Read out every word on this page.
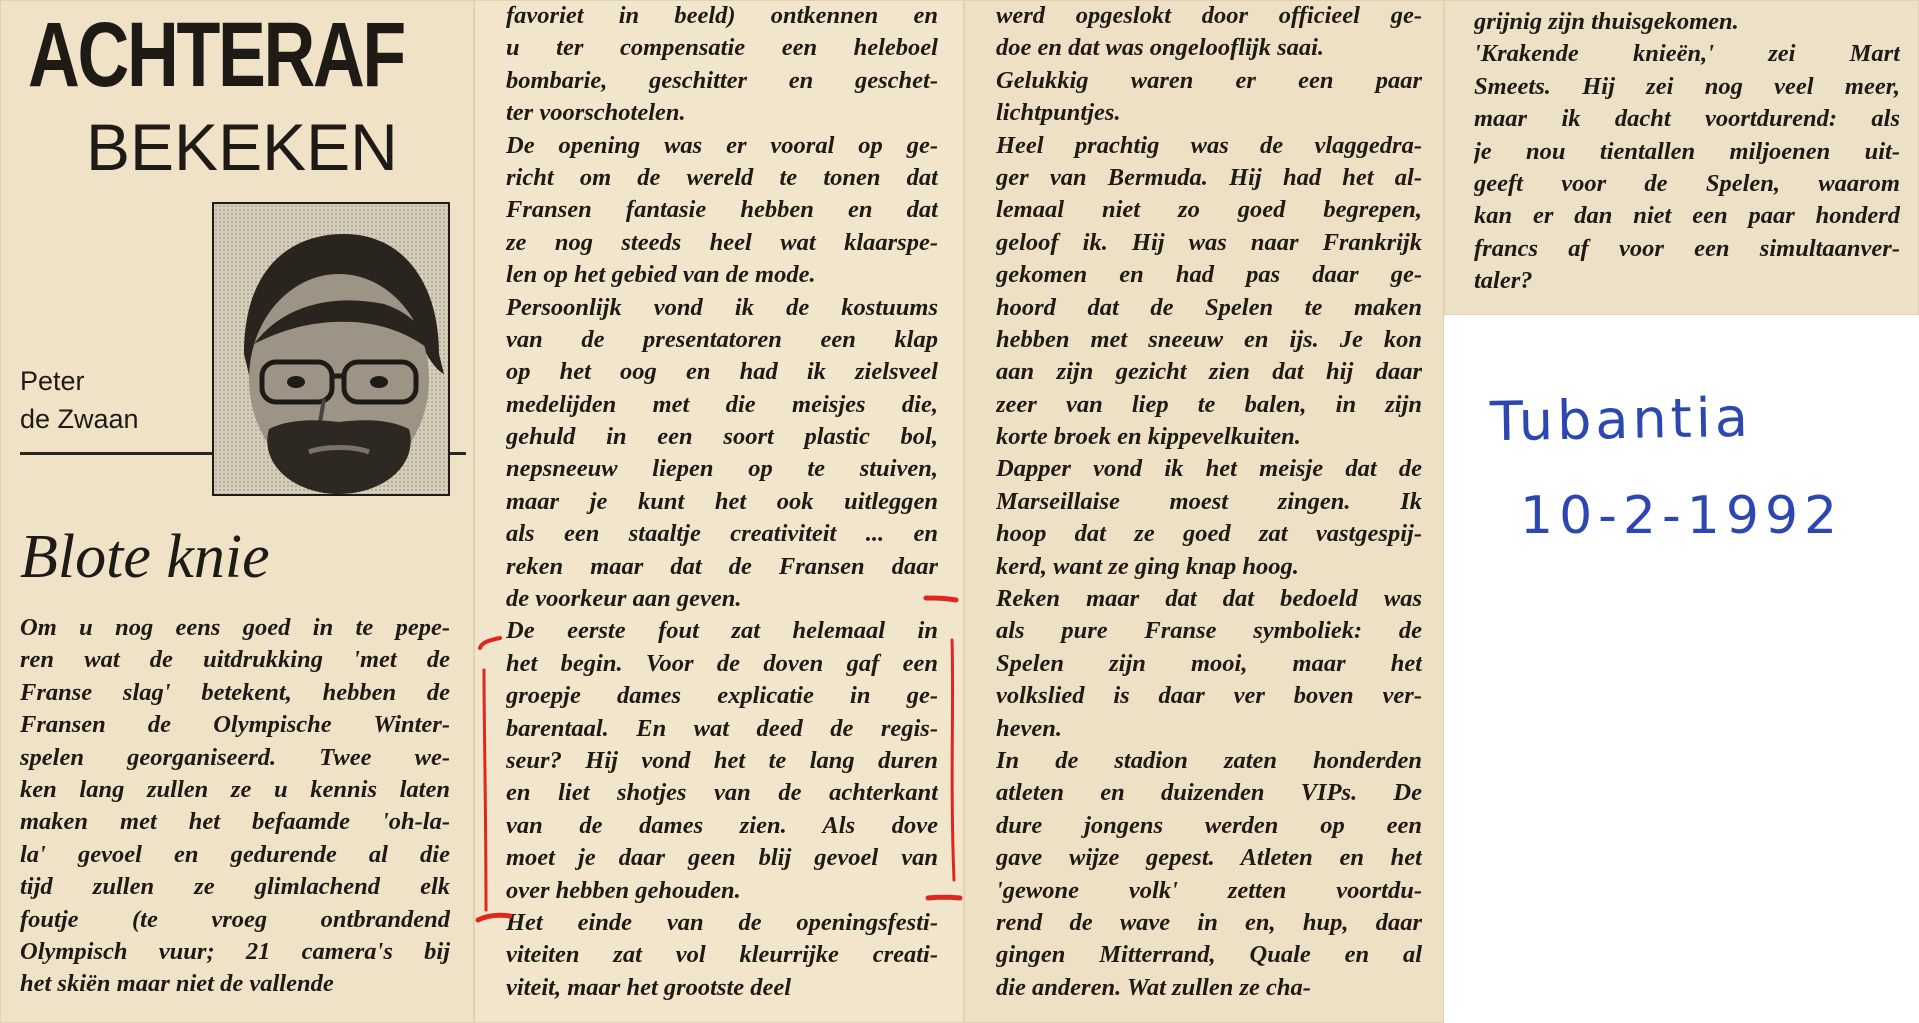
ACHTERAF
BEKEKEN
Peter
de Zwaan
Blote knie
Om u nog eens goed in te pepe-
ren wat de uitdrukking 'met de
Franse slag' betekent, hebben de
Fransen de Olympische Winter-
spelen georganiseerd. Twee we-
ken lang zullen ze u kennis laten
maken met het befaamde 'oh-la-
la' gevoel en gedurende al die
tijd zullen ze glimlachend elk
foutje (te vroeg ontbrandend
Olympisch vuur; 21 camera's bij
het skiën maar niet de vallende
favoriet in beeld) ontkennen en
u ter compensatie een heleboel
bombarie, geschitter en geschet-
ter voorschotelen.
De opening was er vooral op ge-
richt om de wereld te tonen dat
Fransen fantasie hebben en dat
ze nog steeds heel wat klaarspe-
len op het gebied van de mode.
Persoonlijk vond ik de kostuums
van de presentatoren een klap
op het oog en had ik zielsveel
medelijden met die meisjes die,
gehuld in een soort plastic bol,
nepsneeuw liepen op te stuiven,
maar je kunt het ook uitleggen
als een staaltje creativiteit ... en
reken maar dat de Fransen daar
de voorkeur aan geven.
De eerste fout zat helemaal in
het begin. Voor de doven gaf een
groepje dames explicatie in ge-
barentaal. En wat deed de regis-
seur? Hij vond het te lang duren
en liet shotjes van de achterkant
van de dames zien. Als dove
moet je daar geen blij gevoel van
over hebben gehouden.
Het einde van de openingsfesti-
viteiten zat vol kleurrijke creati-
viteit, maar het grootste deel
werd opgeslokt door officieel ge-
doe en dat was ongelooflijk saai.
Gelukkig waren er een paar
lichtpuntjes.
Heel prachtig was de vlaggedra-
ger van Bermuda. Hij had het al-
lemaal niet zo goed begrepen,
geloof ik. Hij was naar Frankrijk
gekomen en had pas daar ge-
hoord dat de Spelen te maken
hebben met sneeuw en ijs. Je kon
aan zijn gezicht zien dat hij daar
zeer van liep te balen, in zijn
korte broek en kippevelkuiten.
Dapper vond ik het meisje dat de
Marseillaise moest zingen. Ik
hoop dat ze goed zat vastgespij-
kerd, want ze ging knap hoog.
Reken maar dat dat bedoeld was
als pure Franse symboliek: de
Spelen zijn mooi, maar het
volkslied is daar ver boven ver-
heven.
In de stadion zaten honderden
atleten en duizenden VIPs. De
dure jongens werden op een
gave wijze gepest. Atleten en het
'gewone volk' zetten voortdu-
rend de wave in en, hup, daar
gingen Mitterrand, Quale en al
die anderen. Wat zullen ze cha-
grijnig zijn thuisgekomen.
'Krakende knieën,' zei Mart
Smeets. Hij zei nog veel meer,
maar ik dacht voortdurend: als
je nou tientallen miljoenen uit-
geeft voor de Spelen, waarom
kan er dan niet een paar honderd
francs af voor een simultaanver-
taler?
Tubantia
10-2-1992
